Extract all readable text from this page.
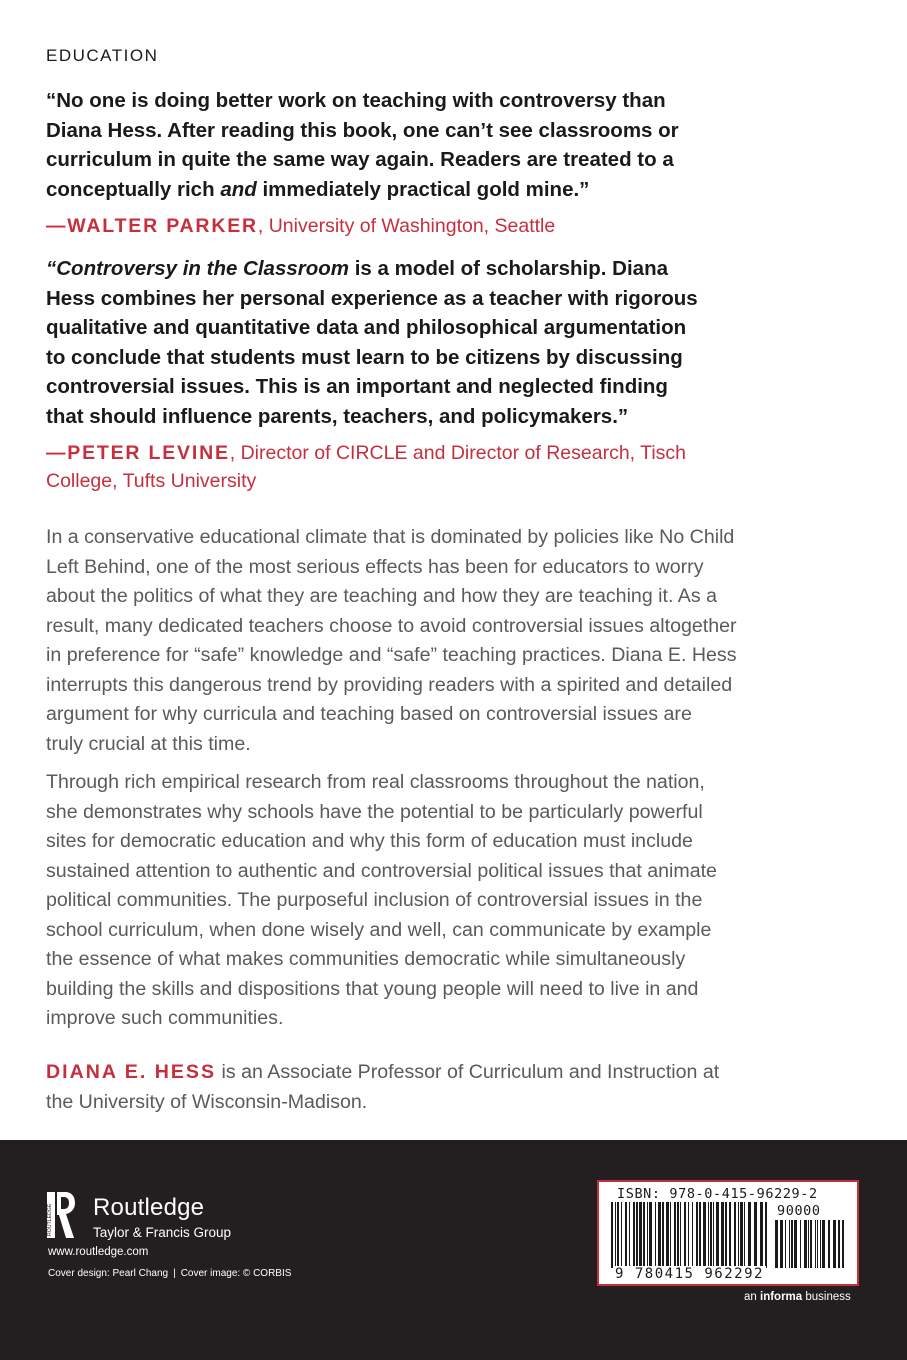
EDUCATION
“No one is doing better work on teaching with controversy than
Diana Hess. After reading this book, one can’t see classrooms or
curriculum in quite the same way again. Readers are treated to a
conceptually rich and immediately practical gold mine.”
—WALTER PARKER, University of Washington, Seattle
“Controversy in the Classroom is a model of scholarship. Diana
Hess combines her personal experience as a teacher with rigorous
qualitative and quantitative data and philosophical argumentation
to conclude that students must learn to be citizens by discussing
controversial issues. This is an important and neglected finding
that should influence parents, teachers, and policymakers.”
—PETER LEVINE, Director of CIRCLE and Director of Research, Tisch
College, Tufts University
In a conservative educational climate that is dominated by policies like No Child
Left Behind, one of the most serious effects has been for educators to worry
about the politics of what they are teaching and how they are teaching it. As a
result, many dedicated teachers choose to avoid controversial issues altogether
in preference for “safe” knowledge and “safe” teaching practices. Diana E. Hess
interrupts this dangerous trend by providing readers with a spirited and detailed
argument for why curricula and teaching based on controversial issues are
truly crucial at this time.
Through rich empirical research from real classrooms throughout the nation,
she demonstrates why schools have the potential to be particularly powerful
sites for democratic education and why this form of education must include
sustained attention to authentic and controversial political issues that animate
political communities. The purposeful inclusion of controversial issues in the
school curriculum, when done wisely and well, can communicate by example
the essence of what makes communities democratic while simultaneously
building the skills and dispositions that young people will need to live in and
improve such communities.
DIANA E. HESS is an Associate Professor of Curriculum and Instruction at
the University of Wisconsin-Madison.
ROUTLEDGE Routledge
Taylor & Francis Group
www.routledge.com
Cover design: Pearl Chang | Cover image: © CORBIS
ISBN: 978-0-415-96229-2
90000
9 780415 962292
an informa business
